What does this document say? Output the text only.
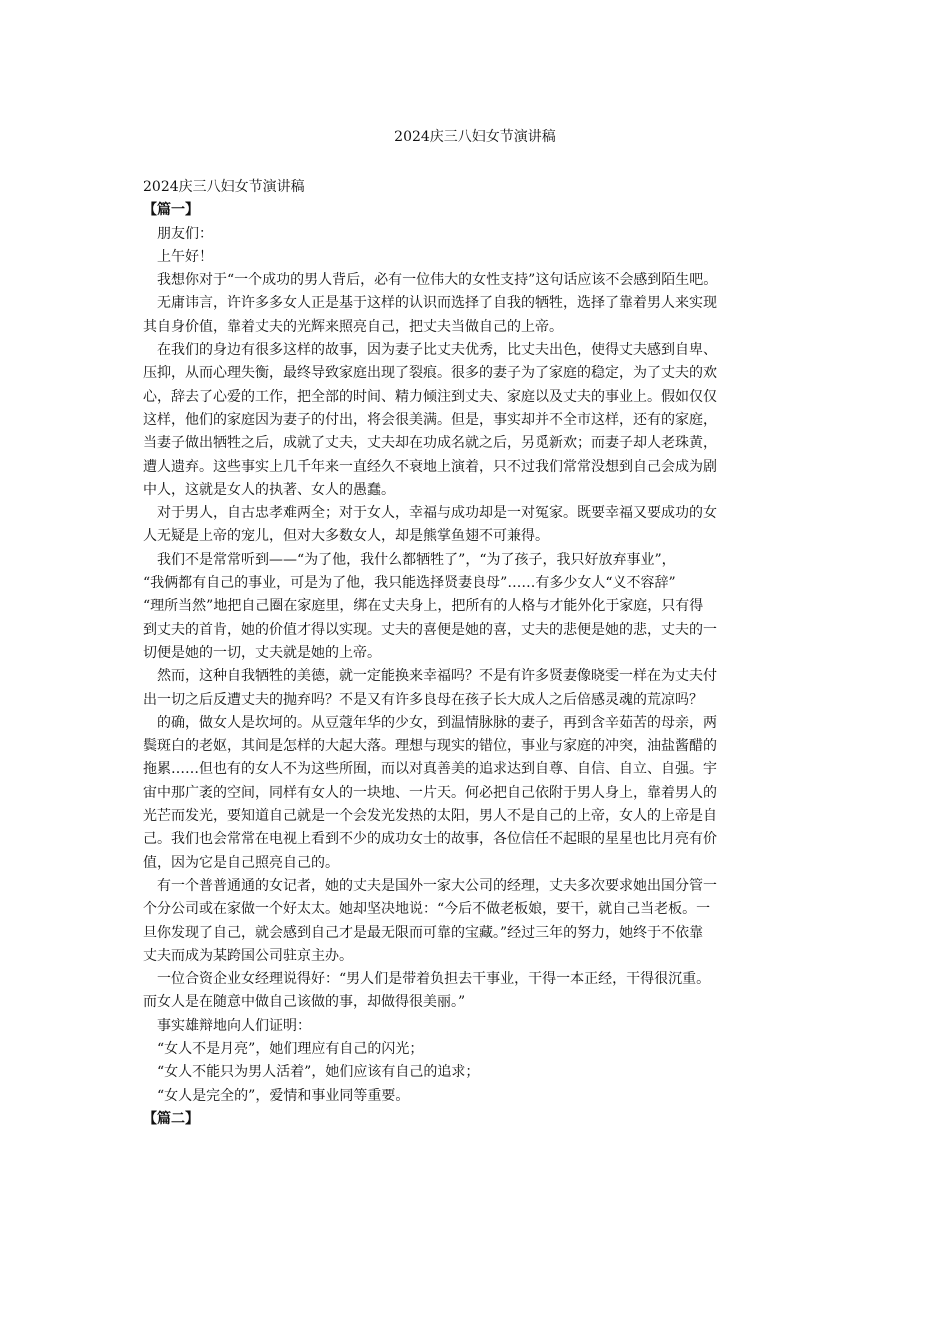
2024庆三八妇女节演讲稿
2024庆三八妇女节演讲稿
【篇一】
朋友们：
上午好！
我想你对于“一个成功的男人背后，必有一位伟大的女性支持”这句话应该不会感到陌生吧。
无庸讳言，许许多多女人正是基于这样的认识而选择了自我的牺牲，选择了靠着男人来实现
其自身价值，靠着丈夫的光辉来照亮自己，把丈夫当做自己的上帝。
在我们的身边有很多这样的故事，因为妻子比丈夫优秀，比丈夫出色，使得丈夫感到自卑、
压抑，从而心理失衡，最终导致家庭出现了裂痕。很多的妻子为了家庭的稳定，为了丈夫的欢
心，辞去了心爱的工作，把全部的时间、精力倾注到丈夫、家庭以及丈夫的事业上。假如仅仅
这样，他们的家庭因为妻子的付出，将会很美满。但是，事实却并不全市这样，还有的家庭，
当妻子做出牺牲之后，成就了丈夫，丈夫却在功成名就之后，另觅新欢；而妻子却人老珠黄，
遭人遗弃。这些事实上几千年来一直经久不衰地上演着，只不过我们常常没想到自己会成为剧
中人，这就是女人的执著、女人的愚蠢。
对于男人，自古忠孝难两全；对于女人，幸福与成功却是一对冤家。既要幸福又要成功的女
人无疑是上帝的宠儿，但对大多数女人，却是熊掌鱼翅不可兼得。
我们不是常常听到——“为了他，我什么都牺牲了”，“为了孩子，我只好放弃事业”，
“我俩都有自己的事业，可是为了他，我只能选择贤妻良母”……有多少女人“义不容辞”
“理所当然”地把自己圈在家庭里，绑在丈夫身上，把所有的人格与才能外化于家庭，只有得
到丈夫的首肯，她的价值才得以实现。丈夫的喜便是她的喜，丈夫的悲便是她的悲，丈夫的一
切便是她的一切，丈夫就是她的上帝。
然而，这种自我牺牲的美德，就一定能换来幸福吗？不是有许多贤妻像晓雯一样在为丈夫付
出一切之后反遭丈夫的抛弃吗？不是又有许多良母在孩子长大成人之后倍感灵魂的荒凉吗？
的确，做女人是坎坷的。从豆蔻年华的少女，到温情脉脉的妻子，再到含辛茹苦的母亲，两
鬓斑白的老妪，其间是怎样的大起大落。理想与现实的错位，事业与家庭的冲突，油盐酱醋的
拖累……但也有的女人不为这些所囿，而以对真善美的追求达到自尊、自信、自立、自强。宇
宙中那广袤的空间，同样有女人的一块地、一片天。何必把自己依附于男人身上，靠着男人的
光芒而发光，要知道自己就是一个会发光发热的太阳，男人不是自己的上帝，女人的上帝是自
己。我们也会常常在电视上看到不少的成功女士的故事，各位信任不起眼的星星也比月亮有价
值，因为它是自己照亮自己的。
有一个普普通通的女记者，她的丈夫是国外一家大公司的经理，丈夫多次要求她出国分管一
个分公司或在家做一个好太太。她却坚决地说：“今后不做老板娘，要干，就自己当老板。一
旦你发现了自己，就会感到自己才是最无限而可靠的宝藏。”经过三年的努力，她终于不依靠
丈夫而成为某跨国公司驻京主办。
一位合资企业女经理说得好：“男人们是带着负担去干事业，干得一本正经，干得很沉重。
而女人是在随意中做自己该做的事，却做得很美丽。”
事实雄辩地向人们证明：
“女人不是月亮”，她们理应有自己的闪光；
“女人不能只为男人活着”，她们应该有自己的追求；
“女人是完全的”，爱情和事业同等重要。
【篇二】
